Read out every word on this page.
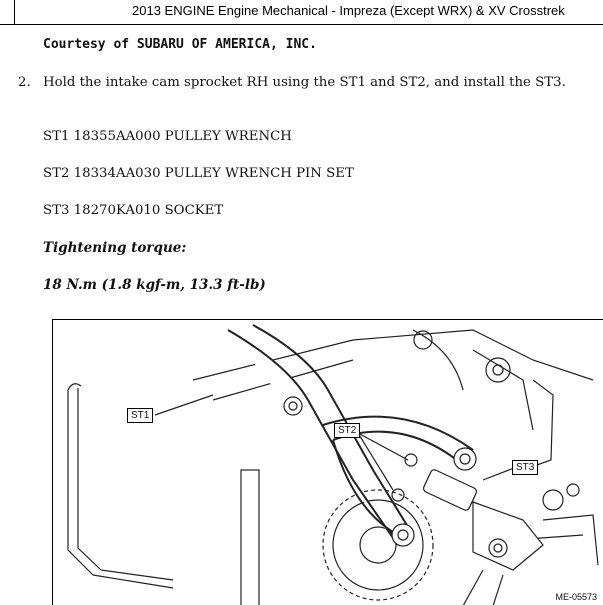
2013 ENGINE Engine Mechanical - Impreza (Except WRX) & XV Crosstrek
Courtesy of SUBARU OF AMERICA, INC.
2. Hold the intake cam sprocket RH using the ST1 and ST2, and install the ST3.
ST1 18355AA000 PULLEY WRENCH
ST2 18334AA030 PULLEY WRENCH PIN SET
ST3 18270KA010 SOCKET
Tightening torque:
18 N.m (1.8 kgf-m, 13.3 ft-lb)
ST1
ST2
ST3
ME-05573
